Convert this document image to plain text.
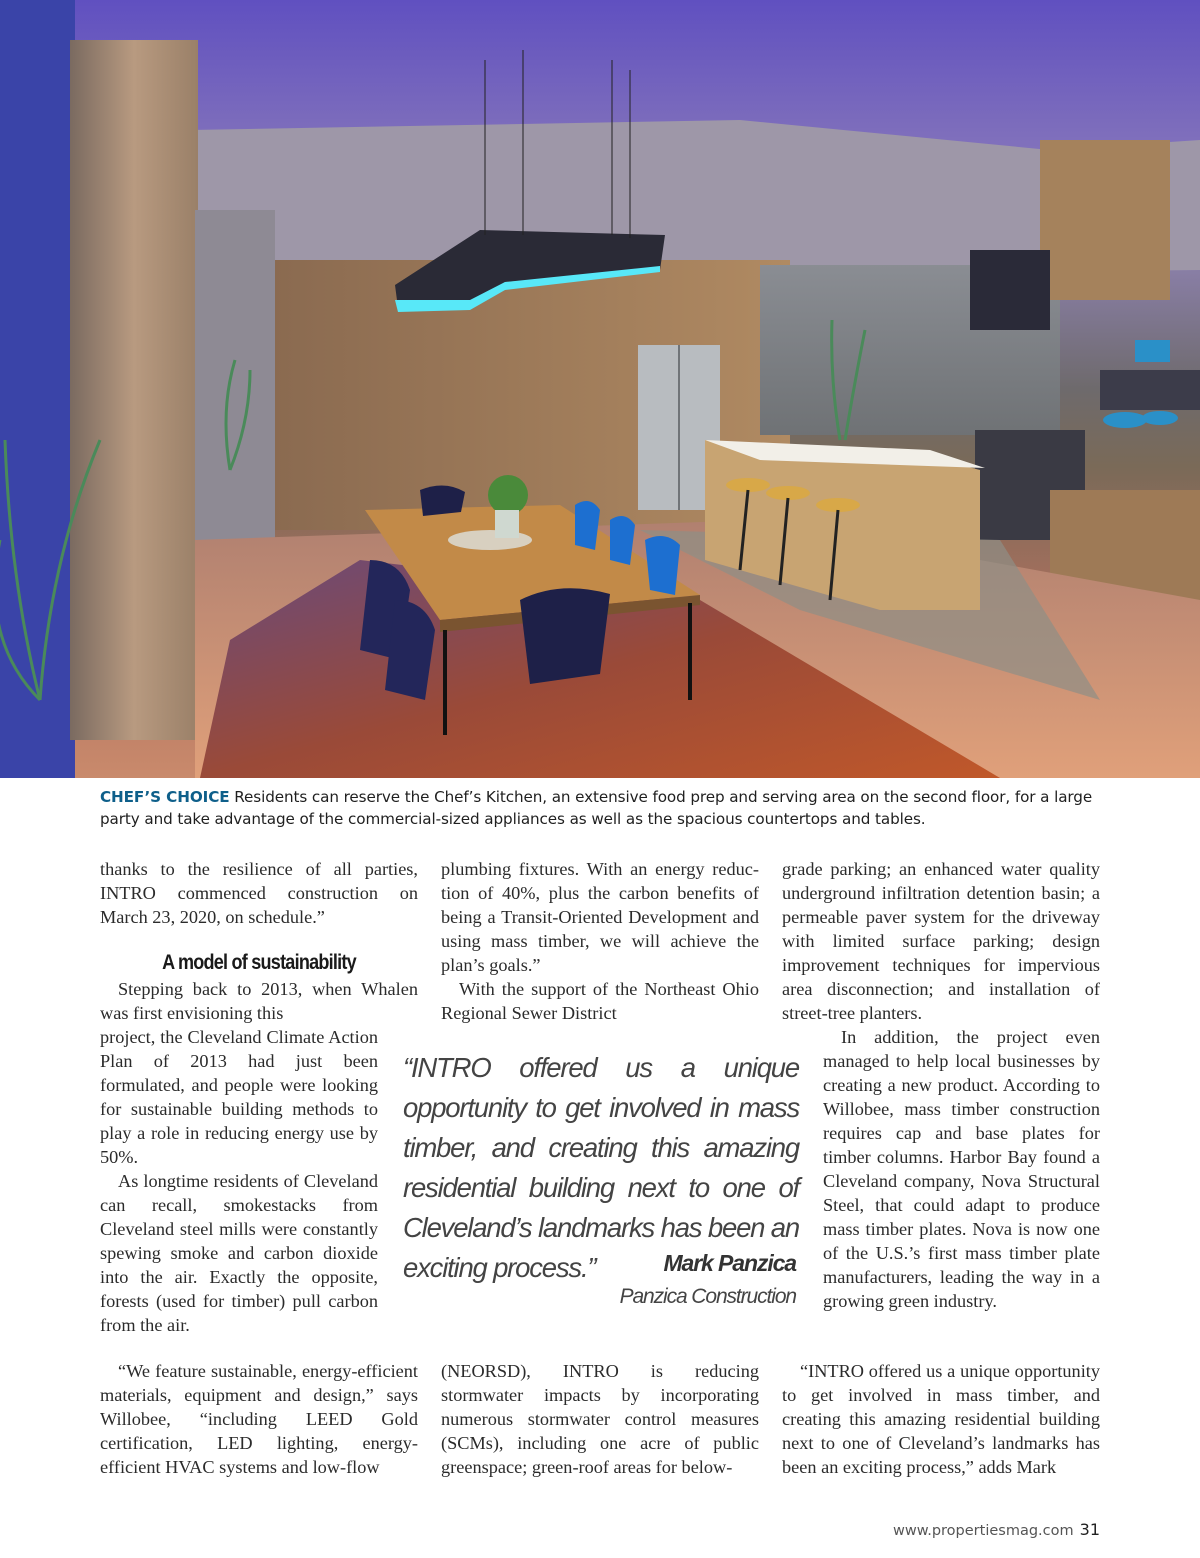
CHEF’S CHOICE Residents can reserve the Chef’s Kitchen, an extensive food prep and serving area on the second floor, for a large party and take advantage of the commercial-sized appliances as well as the spacious countertops and tables.

thanks to the resilience of all parties, INTRO commenced construction on March 23, 2020, on schedule.”

A model of sustainability

Stepping back to 2013, when Whalen was first envisioning this

project, the Cleveland Climate Action Plan of 2013 had just been formulated, and people were looking for sustainable building methods to play a role in reducing energy use by 50%.

As longtime residents of Cleveland can recall, smokestacks from Cleveland steel mills were constantly spewing smoke and carbon dioxide into the air. Exactly the opposite, forests (used for timber) pull carbon from the air.

“We feature sustainable, energy-efficient materials, equipment and design,” says Willobee, “including LEED Gold certification, LED lighting, energy-efficient HVAC systems and low-flow

plumbing fixtures. With an energy reduction of 40%, plus the carbon benefits of being a Transit-Oriented Development and using mass timber, we will achieve the plan’s goals.”

With the support of the Northeast Ohio Regional Sewer District

“INTRO offered us a unique opportunity to get involved in mass timber, and creating this amazing residential building next to one of Cleveland’s landmarks has been an exciting process.”	Mark Panzica
Panzica Construction

(NEORSD), INTRO is reducing stormwater impacts by incorporating numerous stormwater control measures (SCMs), including one acre of public greenspace; green-roof areas for below-

grade parking; an enhanced water quality underground infiltration detention basin; a permeable paver system for the driveway with limited surface parking; design improvement techniques for impervious area disconnection; and installation of street-tree planters.

In addition, the project even managed to help local businesses by creating a new product. According to Willobee, mass timber construction requires cap and base plates for timber columns. Harbor Bay found a Cleveland company, Nova Structural Steel, that could adapt to produce mass timber plates. Nova is now one of the U.S.’s first mass timber plate manufacturers, leading the way in a growing green industry.

“INTRO offered us a unique opportunity to get involved in mass timber, and creating this amazing residential building next to one of Cleveland’s landmarks has been an exciting process,” adds Mark

www.propertiesmag.com 31
